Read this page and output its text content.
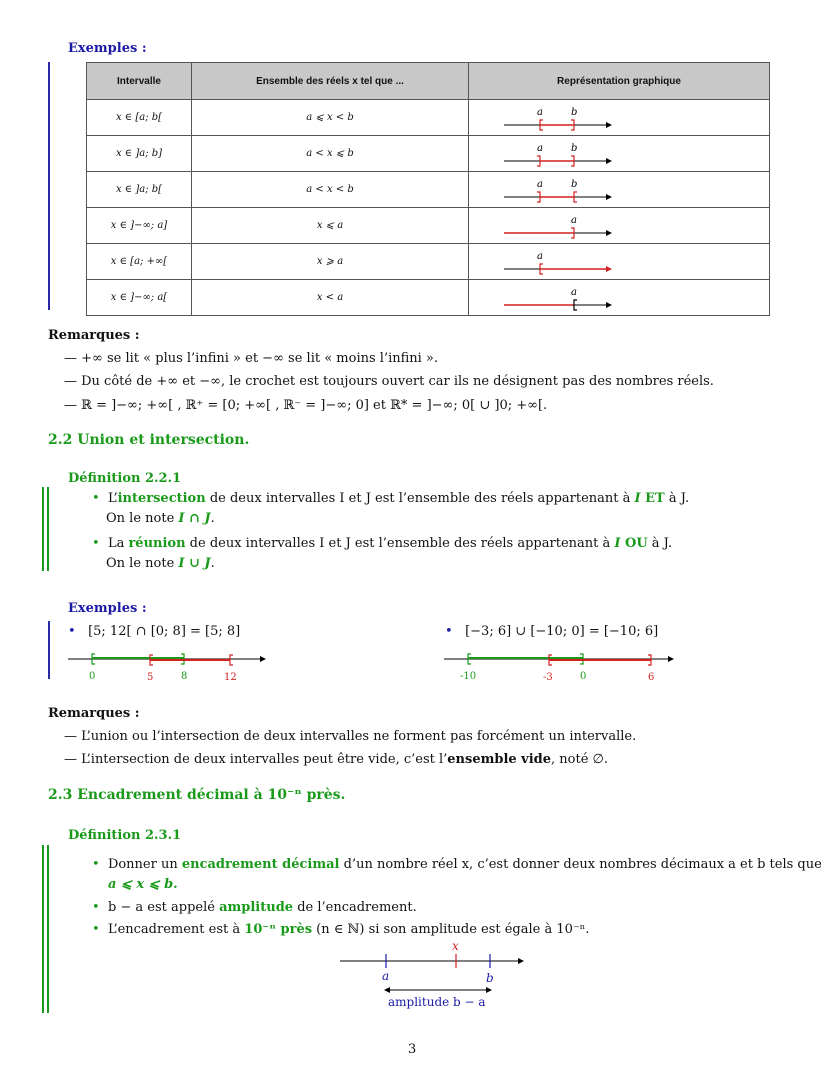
Exemples :
Intervalle	Ensemble des réels x tel que ...	Représentation graphique
x ∈ [a; b[	a ⩽ x < b	a b

x ∈ ]a; b]	a < x ⩽ b	a b

x ∈ ]a; b[	a < x < b	a b

x ∈ ]−∞; a]	x ⩽ a	a

x ∈ [a; +∞[	x ⩾ a	a

x ∈ ]−∞; a[	x < a	a
Remarques :
— +∞ se lit « plus l’infini » et −∞ se lit « moins l’infini ».
— Du côté de +∞ et −∞, le crochet est toujours ouvert car ils ne désignent pas des nombres réels.
— ℝ = ]−∞; +∞[ , ℝ⁺ = [0; +∞[ , ℝ⁻ = ]−∞; 0] et ℝ* = ]−∞; 0[ ∪ ]0; +∞[.
2.2 Union et intersection.
Définition 2.2.1
• L’intersection de deux intervalles I et J est l’ensemble des réels appartenant à I ET à J.
On le note I ∩ J.
• La réunion de deux intervalles I et J est l’ensemble des réels appartenant à I OU à J.
On le note I ∪ J.
Exemples :
• [5; 12[ ∩ [0; 8] = [5; 8]
0	5	8	12
• [−3; 6] ∪ [−10; 0] = [−10; 6]
-10	-3	0	6
Remarques :
— L’union ou l’intersection de deux intervalles ne forment pas forcément un intervalle.
— L’intersection de deux intervalles peut être vide, c’est l’ensemble vide, noté ∅.
2.3 Encadrement décimal à 10⁻ⁿ près.
Définition 2.3.1
• Donner un encadrement décimal d’un nombre réel x, c’est donner deux nombres décimaux a et b tels que
a ⩽ x ⩽ b.
• b − a est appelé amplitude de l’encadrement.
• L’encadrement est à 10⁻ⁿ près (n ∈ ℕ) si son amplitude est égale à 10⁻ⁿ.
x
a	b
amplitude b − a
3
